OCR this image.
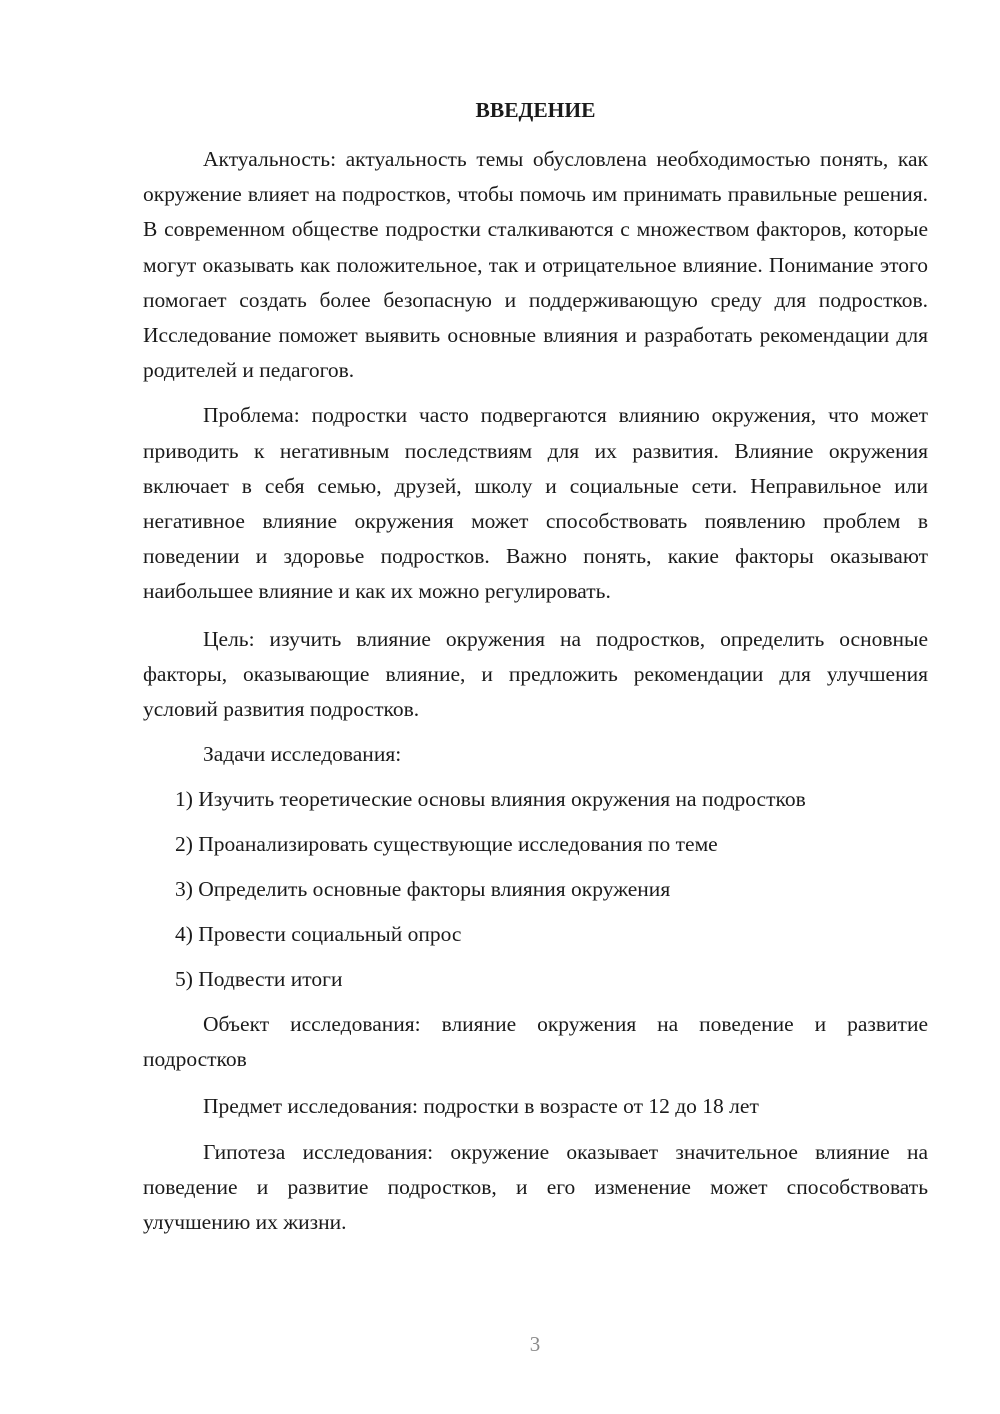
ВВЕДЕНИЕ

Актуальность: актуальность темы обусловлена необходимостью понять, как окружение влияет на подростков, чтобы помочь им принимать правильные решения. В современном обществе подростки сталкиваются с множеством факторов, которые могут оказывать как положительное, так и отрицательное влияние. Понимание этого помогает создать более безопасную и поддерживающую среду для подростков. Исследование поможет выявить основные влияния и разработать рекомендации для родителей и педагогов.

Проблема: подростки часто подвергаются влиянию окружения, что может приводить к негативным последствиям для их развития. Влияние окружения включает в себя семью, друзей, школу и социальные сети. Неправильное или негативное влияние окружения может способствовать появлению проблем в поведении и здоровье подростков. Важно понять, какие факторы оказывают наибольшее влияние и как их можно регулировать.

Цель: изучить влияние окружения на подростков, определить основные факторы, оказывающие влияние, и предложить рекомендации для улучшения условий развития подростков.

Задачи исследования:
1) Изучить теоретические основы влияния окружения на подростков
2) Проанализировать существующие исследования по теме
3) Определить основные факторы влияния окружения
4) Провести социальный опрос
5) Подвести итоги

Объект исследования: влияние окружения на поведение и развитие подростков

Предмет исследования: подростки в возрасте от 12 до 18 лет

Гипотеза исследования: окружение оказывает значительное влияние на поведение и развитие подростков, и его изменение может способствовать улучшению их жизни.

3
